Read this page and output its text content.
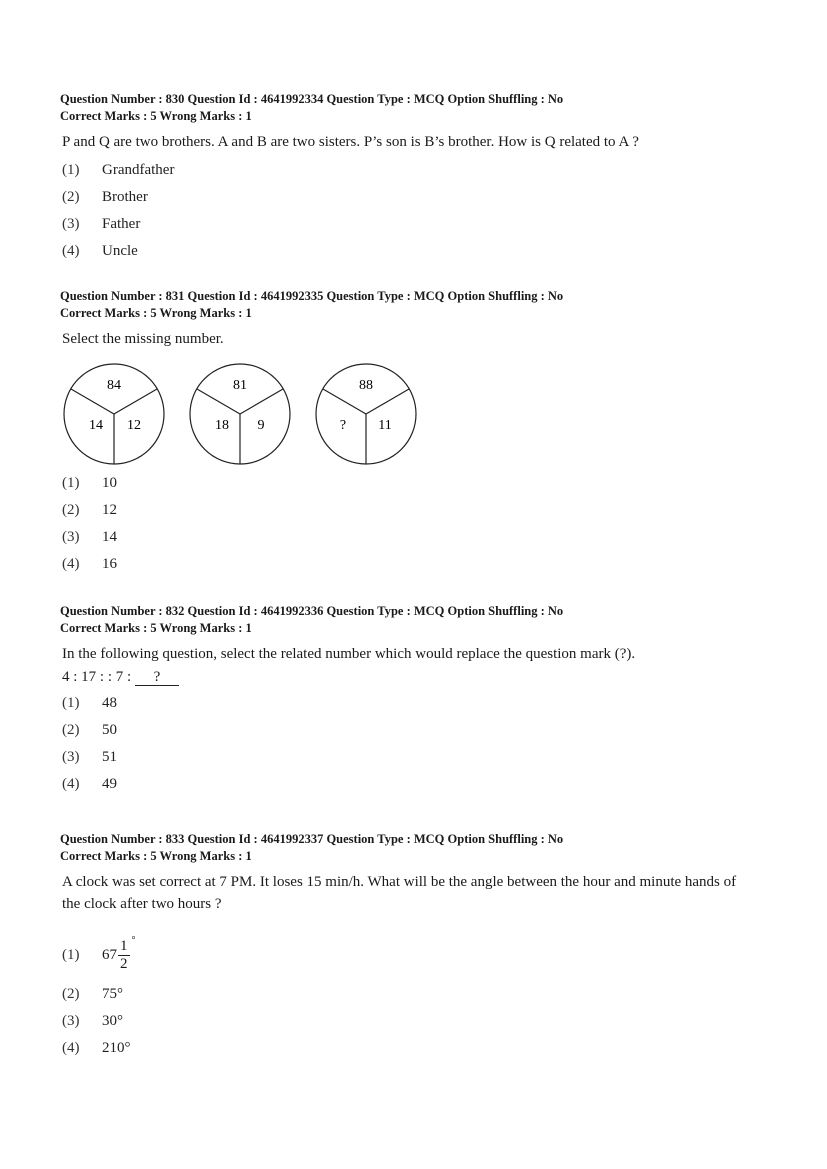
Question Number : 830 Question Id : 4641992334 Question Type : MCQ Option Shuffling : No

Correct Marks : 5 Wrong Marks : 1

P and Q are two brothers. A and B are two sisters. P’s son is B’s brother. How is Q related to A ?

(1)	Grandfather
(2)	Brother
(3)	Father
(4)	Uncle

Question Number : 831 Question Id : 4641992335 Question Type : MCQ Option Shuffling : No

Correct Marks : 5 Wrong Marks : 1

Select the missing number.

84
14 12
81
18 9
88
? 11
(1)	10
(2)	12
(3)	14
(4)	16

Question Number : 832 Question Id : 4641992336 Question Type : MCQ Option Shuffling : No

Correct Marks : 5 Wrong Marks : 1

In the following question, select the related number which would replace the question mark (?).

4 : 17 : : 7 : ?
(1)	48
(2)	50
(3)	51
(4)	49

Question Number : 833 Question Id : 4641992337 Question Type : MCQ Option Shuffling : No

Correct Marks : 5 Wrong Marks : 1

A clock was set correct at 7 PM. It loses 15 min/h. What will be the angle between the hour and minute hands of the clock after two hours ?

(1)	$67 \frac{1 ^\circ}{2}$
(2)	75°
(3)	30°
(4)	210°
